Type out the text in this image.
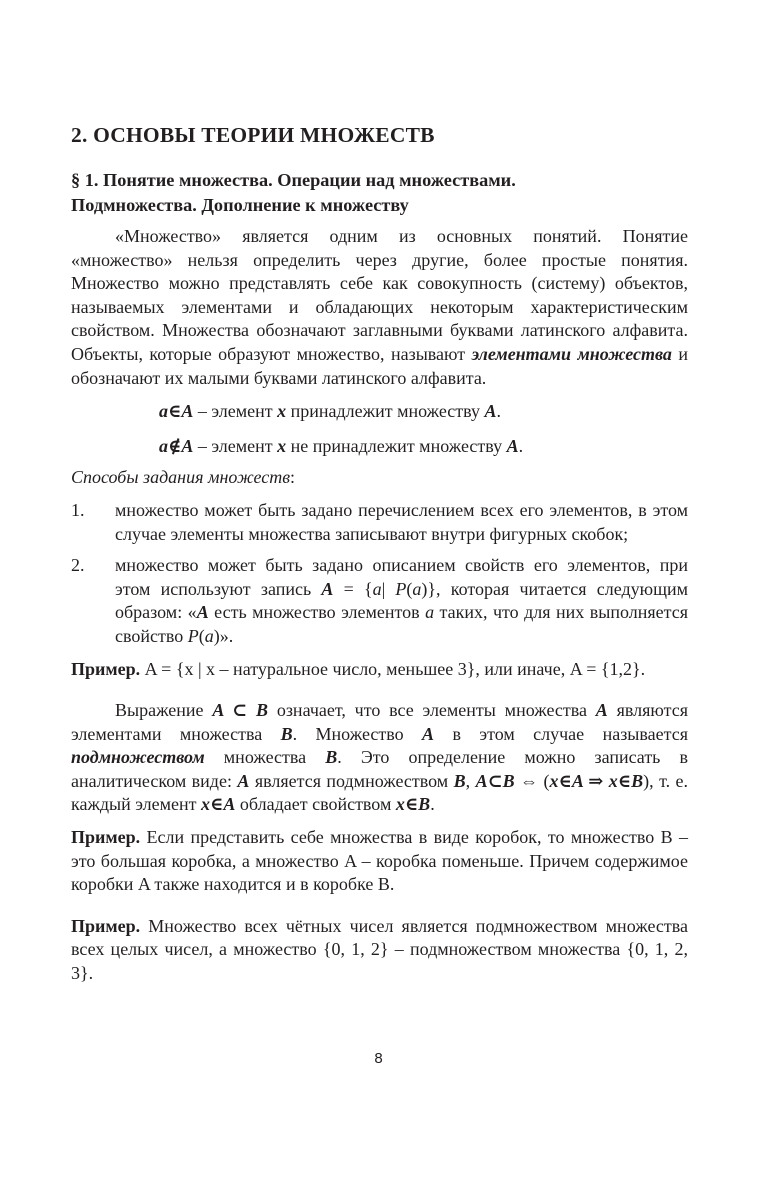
2. ОСНОВЫ ТЕОРИИ МНОЖЕСТВ
§ 1. Понятие множества. Операции над множествами.
Подмножества. Дополнение к множеству

«Множество» является одним из основных понятий. Понятие «множество» нельзя определить через другие, более простые понятия. Множество можно представлять себе как совокупность (систему) объектов, называемых элементами и обладающих некоторым характеристическим свойством. Множества обозначают заглавными буквами латинского алфавита. Объекты, которые образуют множество, называют элементами множества и обозначают их малыми буквами латинского алфавита.

a∈A – элемент x принадлежит множеству A.

a∉A – элемент x не принадлежит множеству A.

Способы задания множеств:
1.	множество может быть задано перечислением всех его элементов, в этом случае элементы множества записывают внутри фигурных скобок;
2.	множество может быть задано описанием свойств его элементов, при этом используют запись A = {a| P(a)}, которая читается следующим образом: «A есть множество элементов a таких, что для них выполняется свойство P(a)».

Пример. A = {x | x – натуральное число, меньшее 3}, или иначе, A = {1,2}.

Выражение A ⊂ B означает, что все элементы множества A являются элементами множества B. Множество A в этом случае называется подмножеством множества B. Это определение можно записать в аналитическом виде: A является подмножеством B, A⊂B ⇔ (x∈A ⇒ x∈B), т. е. каждый элемент x∈A обладает свойством x∈B.

Пример. Если представить себе множества в виде коробок, то множество B – это большая коробка, а множество A – коробка поменьше. Причем содержимое коробки A также находится и в коробке B.

Пример. Множество всех чётных чисел является подмножеством множества всех целых чисел, а множество {0, 1, 2} – подмножеством множества {0, 1, 2, 3}.

8
